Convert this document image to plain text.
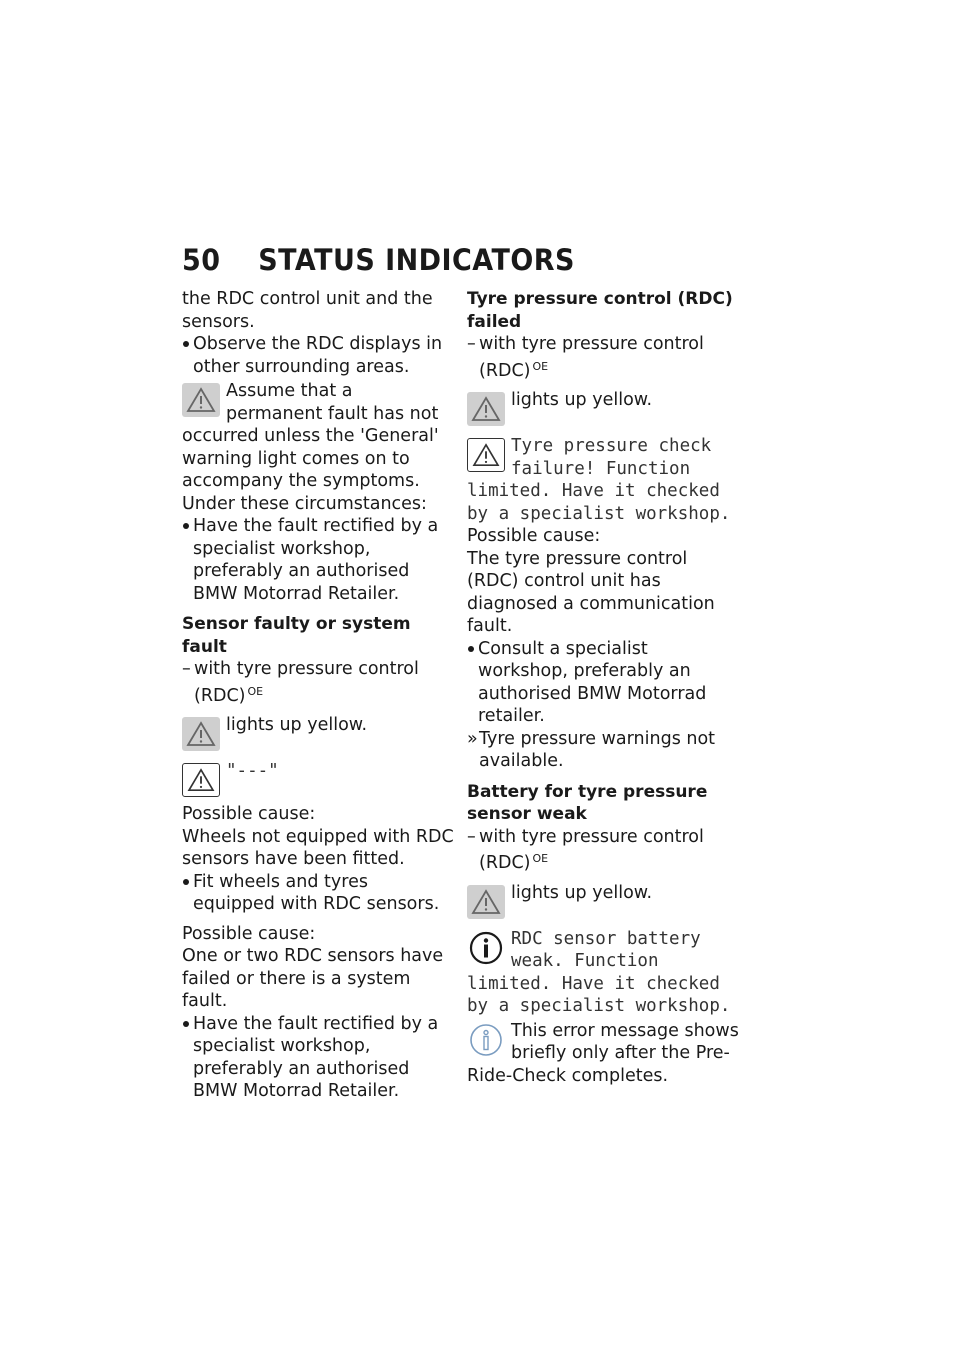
50 STATUS INDICATORS

the RDC control unit and the sensors.

Observe the RDC displays in other surrounding areas.

Assume that a permanent fault has not occurred unless the 'General' warning light comes on to accompany the symptoms.

Under these circumstances:

Have the fault rectified by a specialist workshop, preferably an authorised BMW Motorrad Retailer.

Sensor faulty or system fault

– with tyre pressure control (RDC) $^{OE}$

lights up yellow.

"---"

Possible cause:

Wheels not equipped with RDC sensors have been fitted.

Fit wheels and tyres equipped with RDC sensors.

Possible cause:

One or two RDC sensors have failed or there is a system fault.

Have the fault rectified by a specialist workshop, preferably an authorised BMW Motorrad Retailer.

Tyre pressure control (RDC) failed

– with tyre pressure control (RDC) $^{OE}$

lights up yellow.

Tyre pressure check failure! Function limited. Have it checked by a specialist workshop.

Possible cause:

The tyre pressure control (RDC) control unit has diagnosed a communication fault.

Consult a specialist workshop, preferably an authorised BMW Motorrad retailer.

» Tyre pressure warnings not available.

Battery for tyre pressure sensor weak

– with tyre pressure control (RDC) $^{OE}$

lights up yellow.

RDC sensor battery weak. Function limited. Have it checked by a specialist workshop.

This error message shows briefly only after the Pre-Ride-Check completes.
